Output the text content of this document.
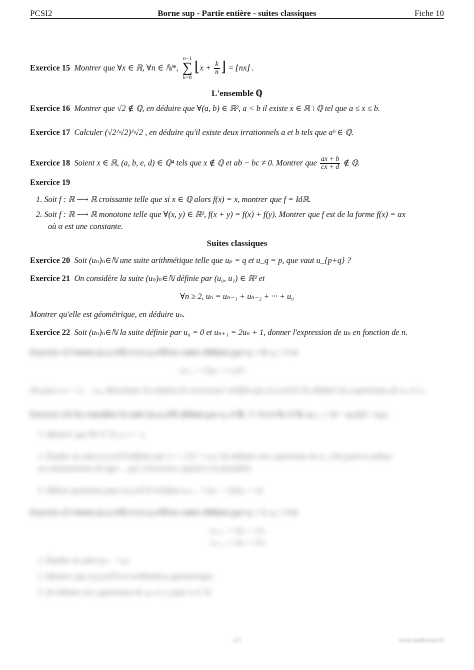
PCSI2	Borne sup - Partie entière - suites classiques	Fiche 10
Exercice 15 Montrer que ∀x ∈ ℝ, ∀n ∈ ℕ*, n−1
∑
k=0⌊x + $\frac{k}{n}$ ⌋ = ⌊nx⌋ .
L'ensemble ℚ
Exercice 16 Montrer que √2 ∉ ℚ, en déduire que ∀(a, b) ∈ ℝ², a < b il existe x ∈ ℝ \ ℚ tel que a ≤ x ≤ b.
Exercice 17 Calculer (√2^√2)^√2 , en déduire qu'il existe deux irrationnels a et b tels que aᵇ ∈ ℚ.
Exercice 18 Soient x ∈ ℝ, (a, b, e, d) ∈ ℚ⁴ tels que x ∉ ℚ et ab − bc ≠ 0. Montrer que $\frac{ax + b}{cx + d}$ ∉ ℚ.
Exercice 19
1. Soit f : ℝ ⟶ ℝ croissante telle que si x ∈ ℚ alors f(x) = x, montrer que f = Idℝ.
2. Soit f : ℝ ⟶ ℝ monotone telle que ∀(x, y) ∈ ℝ², f(x + y) = f(x) + f(y). Montrer que f est de la forme f(x) = αx
où α est une constante.
Suites classiques
Exercice 20 Soit (uₙ)ₙ∈ℕ une suite arithmétique telle que uₚ = q et u_q = p, que vaut u_{p+q} ?
Exercice 21 On considère la suite (uₙ)ₙ∈ℕ définie par (u₀, u₁) ∈ ℝ² et
∀n ≥ 2, uₙ = uₙ₋₁ + uₙ₋₂ + ··· + u₀
Montrer qu'elle est géométrique, en déduire uₙ.
Exercice 22 Soit (uₙ)ₙ∈ℕ la suite définie par u₀ = 0 et uₙ₊₁ = 2uₙ + 1, donner l'expression de uₙ en fonction de n.
Exercice 23 Soient (uₙ)ₙ∈ℕ et (vₙ)ₙ∈ℕ les suites définies par u₀ = 0, v₀ = 1 et
uₙ₊₁ = (2uₙ + vₙ)/3
On pose wₙ = vₙ − uₙ, déterminer la relation de récurrence vérifiée par (wₙ)ₙ∈ℕ. En déduire les expressions de uₙ et vₙ.
Exercice 24 On considère la suite (uₙ)ₙ∈ℕ définie par u₀ ∈ ℝ \ {−1} et ∀n ∈ ℕ, uₙ₊₁ = (1 − uₙ)/(1 + uₙ)
1. Montrer que ∀n ∈ ℕ, uₙ ≠ −1.
2. Étudier la suite (vₙ)ₙ∈ℕ définie par vₙ = 1/(1 + uₙ). En déduire une expression de uₙ. (On pourra utiliser
un raisonnement de type ... par récurrence, quand c'est possible)
3. Mêmes questions pour (uₙ)ₙ∈ℕ vérifiant uₙ₊₁ = (uₙ − 1)/(uₙ + 3)
Exercice 25 Soient (uₙ)ₙ∈ℕ et (vₙ)ₙ∈ℕ les suites définies par u₀ = 1, v₀ = 2 et
uₙ₊₁ = 3uₙ + 2vₙ
vₙ₊₁ = 2uₙ + 3vₙ
1. Étudier la suite (uₙ − vₙ).
2. Montrer que (uₙ)ₙ∈ℕ est arithmético-géométrique.
3. En déduire les expressions de uₙ et vₙ pour n ∈ ℕ.
2/3	www.mathovore.fr
